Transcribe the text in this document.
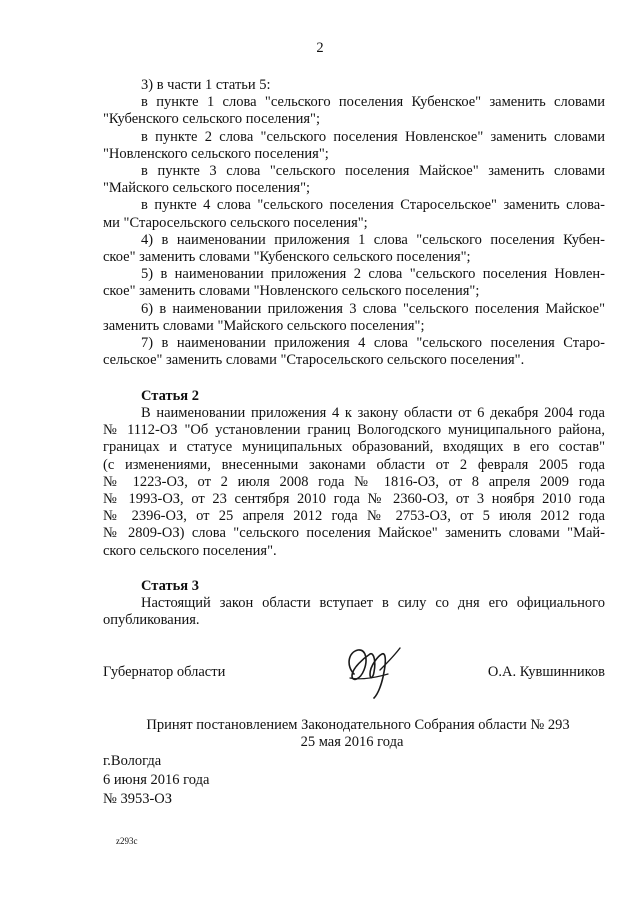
2
3) в части 1 статьи 5:
в пункте 1 слова "сельского поселения Кубенское" заменить словами
"Кубенского сельского поселения";
в пункте 2 слова "сельского поселения Новленское" заменить словами
"Новленского сельского поселения";
в пункте 3 слова "сельского поселения Майское" заменить словами
"Майского сельского поселения";
в пункте 4 слова "сельского поселения Старосельское" заменить слова-
ми "Старосельского сельского поселения";
4) в наименовании приложения 1 слова "сельского поселения Кубен-
ское" заменить словами "Кубенского сельского поселения";
5) в наименовании приложения 2 слова "сельского поселения Новлен-
ское" заменить словами "Новленского сельского поселения";
6) в наименовании приложения 3 слова "сельского поселения Майское"
заменить словами "Майского сельского поселения";
7) в наименовании приложения 4 слова "сельского поселения Старо-
сельское" заменить словами "Старосельского сельского поселения".
Статья 2
В наименовании приложения 4 к закону области от 6 декабря 2004 года
№ 1112-ОЗ "Об установлении границ Вологодского муниципального района,
границах и статусе муниципальных образований, входящих в его состав"
(с изменениями, внесенными законами области от 2 февраля 2005 года
№ 1223-ОЗ, от 2 июля 2008 года № 1816-ОЗ, от 8 апреля 2009 года
№ 1993-ОЗ, от 23 сентября 2010 года № 2360-ОЗ, от 3 ноября 2010 года
№ 2396-ОЗ, от 25 апреля 2012 года № 2753-ОЗ, от 5 июля 2012 года
№ 2809-ОЗ) слова "сельского поселения Майское" заменить словами "Май-
ского сельского поселения".
Статья 3
Настоящий закон области вступает в силу со дня его официального
опубликования.
Губернатор области	О.А. Кувшинников
Принят постановлением Законодательного Собрания области № 293
25 мая 2016 года
г.Вологда
6 июня 2016 года
№ 3953-ОЗ
z293c
